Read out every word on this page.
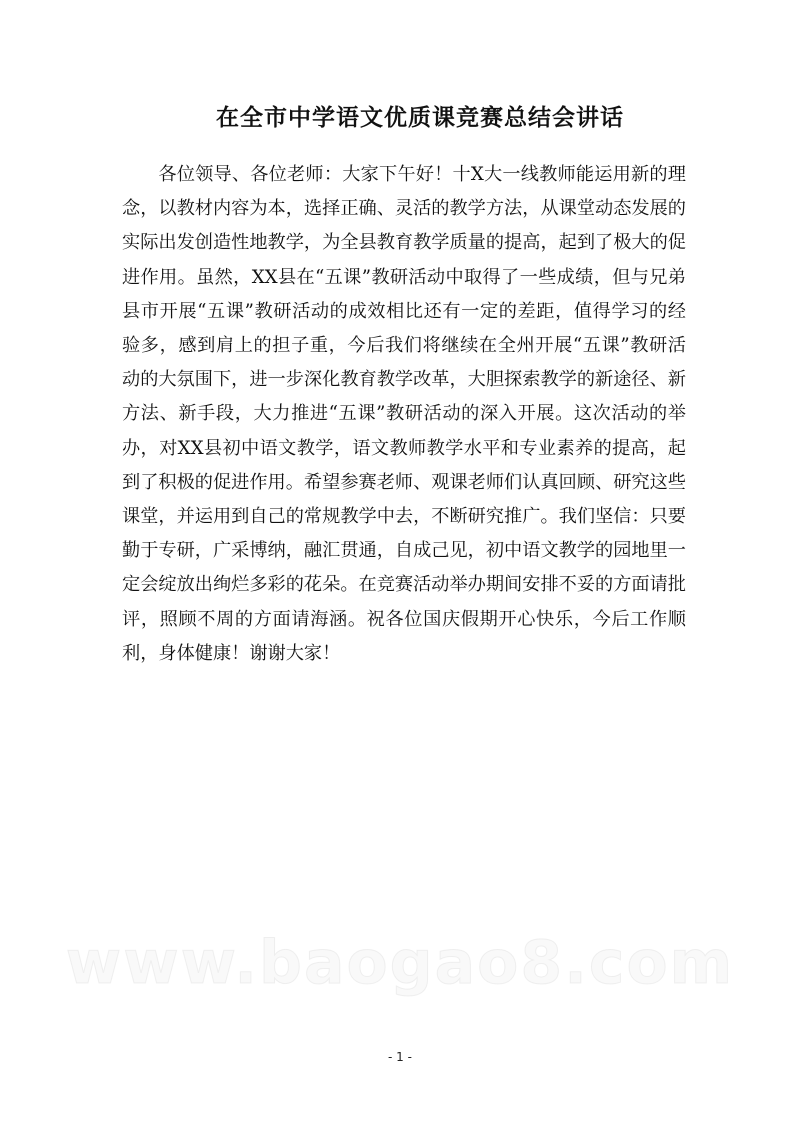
在全市中学语文优质课竞赛总结会讲话

各位领导、各位老师：大家下午好！十X大一线教师能运用新的理念，以教材内容为本，选择正确、灵活的教学方法，从课堂动态发展的实际出发创造性地教学，为全县教育教学质量的提高，起到了极大的促进作用。虽然，XX县在“五课”教研活动中取得了一些成绩，但与兄弟县市开展“五课”教研活动的成效相比还有一定的差距，值得学习的经验多，感到肩上的担子重，今后我们将继续在全州开展“五课”教研活动的大氛围下，进一步深化教育教学改革，大胆探索教学的新途径、新方法、新手段，大力推进“五课”教研活动的深入开展。这次活动的举办，对XX县初中语文教学，语文教师教学水平和专业素养的提高，起到了积极的促进作用。希望参赛老师、观课老师们认真回顾、研究这些课堂，并运用到自己的常规教学中去，不断研究推广。我们坚信：只要勤于专研，广采博纳，融汇贯通，自成己见，初中语文教学的园地里一定会绽放出绚烂多彩的花朵。在竞赛活动举办期间安排不妥的方面请批评，照顾不周的方面请海涵。祝各位国庆假期开心快乐，今后工作顺利，身体健康！谢谢大家！

www.baogao8.com
- 1 -
